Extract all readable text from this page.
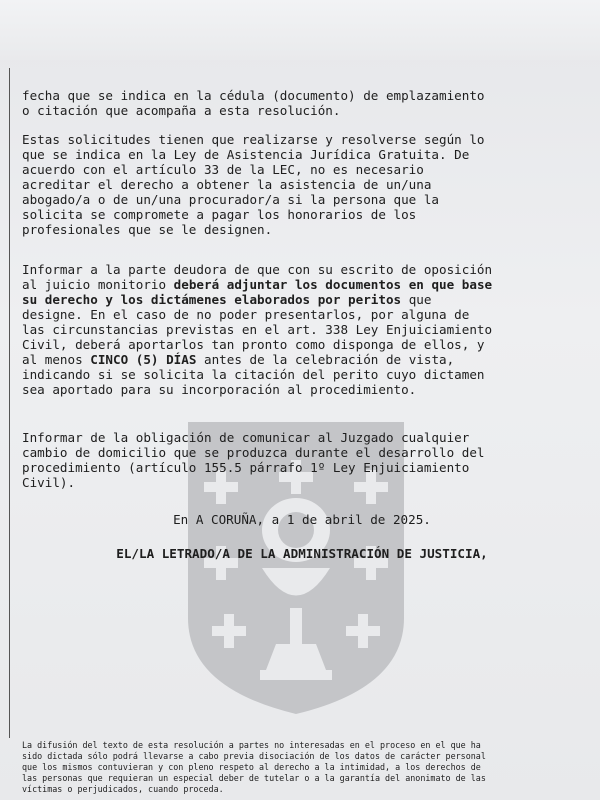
fecha que se indica en la cédula (documento) de emplazamiento
o citación que acompaña a esta resolución.
Estas solicitudes tienen que realizarse y resolverse según lo
que se indica en la Ley de Asistencia Jurídica Gratuita. De
acuerdo con el artículo 33 de la LEC, no es necesario
acreditar el derecho a obtener la asistencia de un/una
abogado/a o de un/una procurador/a si la persona que la
solicita se compromete a pagar los honorarios de los
profesionales que se le designen.
Informar a la parte deudora de que con su escrito de oposición
al juicio monitorio deberá adjuntar los documentos en que base
su derecho y los dictámenes elaborados por peritos que
designe. En el caso de no poder presentarlos, por alguna de
las circunstancias previstas en el art. 338 Ley Enjuiciamiento
Civil, deberá aportarlos tan pronto como disponga de ellos, y
al menos CINCO (5) DÍAS antes de la celebración de vista,
indicando si se solicita la citación del perito cuyo dictamen
sea aportado para su incorporación al procedimiento.
Informar de la obligación de comunicar al Juzgado cualquier
cambio de domicilio que se produzca durante el desarrollo del
procedimiento (artículo 155.5 párrafo 1º Ley Enjuiciamiento
Civil).
En A CORUÑA, a 1 de abril de 2025.
EL/LA LETRADO/A DE LA ADMINISTRACIÓN DE JUSTICIA,
La difusión del texto de esta resolución a partes no interesadas en el proceso en el que ha
sido dictada sólo podrá llevarse a cabo previa disociación de los datos de carácter personal
que los mismos contuvieran y con pleno respeto al derecho a la intimidad, a los derechos de
las personas que requieran un especial deber de tutelar o a la garantía del anonimato de las
víctimas o perjudicados, cuando proceda.
